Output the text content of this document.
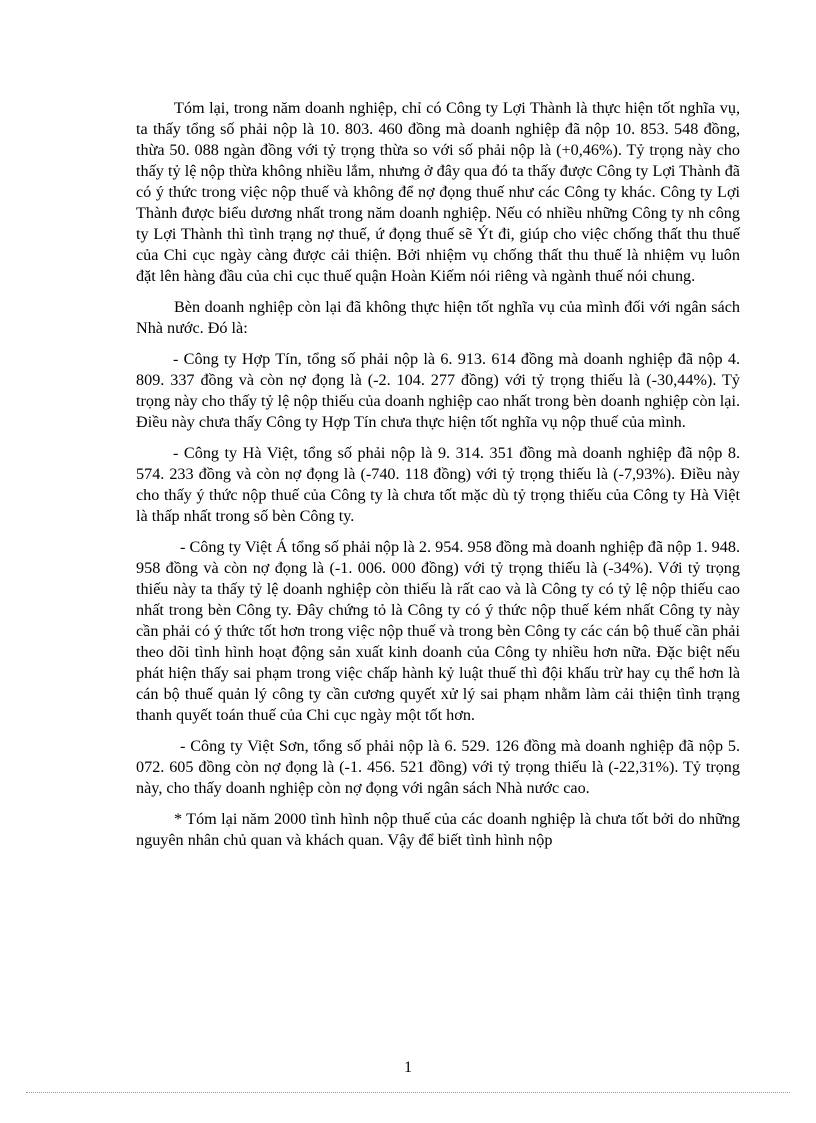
Tóm lại, trong năm doanh nghiệp, chỉ có Công ty Lợi Thành là thực hiện tốt nghĩa vụ, ta thấy tổng số phải nộp là 10. 803. 460 đồng mà doanh nghiệp đã nộp 10. 853. 548 đồng, thừa 50. 088 ngàn đồng với tỷ trọng thừa so với số phải nộp là (+0,46%). Tỷ trọng này cho thấy tỷ lệ nộp thừa không nhiều lắm, nhưng ở đây qua đó ta thấy được Công ty Lợi Thành đã có ý thức trong việc nộp thuế và không để nợ đọng thuế như các Công ty khác. Công ty Lợi Thành được biểu dương nhất trong năm doanh nghiệp. Nếu có nhiều những Công ty nh công ty Lợi Thành thì tình trạng nợ thuế, ứ đọng thuế sẽ Ýt đi, giúp cho việc chống thất thu thuế của Chi cục ngày càng được cải thiện. Bởi nhiệm vụ chống thất thu thuế là nhiệm vụ luôn đặt lên hàng đầu của chi cục thuế quận Hoàn Kiếm nói riêng và ngành thuế nói chung.

Bèn doanh nghiệp còn lại đã không thực hiện tốt nghĩa vụ của mình đối với ngân sách Nhà nước. Đó là:

- Công ty Hợp Tín, tổng số phải nộp là 6. 913. 614 đồng mà doanh nghiệp đã nộp 4. 809. 337 đồng và còn nợ đọng là (-2. 104. 277 đồng) với tỷ trọng thiếu là (-30,44%). Tỷ trọng này cho thấy tỷ lệ nộp thiếu của doanh nghiệp cao nhất trong bèn doanh nghiệp còn lại. Điều này chưa thấy Công ty Hợp Tín chưa thực hiện tốt nghĩa vụ nộp thuế của mình.

- Công ty Hà Việt, tổng số phải nộp là 9. 314. 351 đồng mà doanh nghiệp đã nộp 8. 574. 233 đồng và còn nợ đọng là (-740. 118 đồng) với tỷ trọng thiếu là (-7,93%). Điều này cho thấy ý thức nộp thuế của Công ty là chưa tốt mặc dù tỷ trọng thiếu của Công ty Hà Việt là thấp nhất trong số bèn Công ty.

- Công ty Việt Á tổng số phải nộp là 2. 954. 958 đồng mà doanh nghiệp đã nộp 1. 948. 958 đồng và còn nợ đọng là (-1. 006. 000 đồng) với tỷ trọng thiếu là (-34%). Với tỷ trọng thiếu này ta thấy tỷ lệ doanh nghiệp còn thiếu là rất cao và là Công ty có tỷ lệ nộp thiếu cao nhất trong bèn Công ty. Đây chứng tỏ là Công ty có ý thức nộp thuế kém nhất Công ty này cần phải có ý thức tốt hơn trong việc nộp thuế và trong bèn Công ty các cán bộ thuế cần phải theo dõi tình hình hoạt động sản xuất kinh doanh của Công ty nhiều hơn nữa. Đặc biệt nếu phát hiện thấy sai phạm trong việc chấp hành kỷ luật thuế thì đội khấu trừ hay cụ thể hơn là cán bộ thuế quản lý công ty cần cương quyết xử lý sai phạm nhằm làm cải thiện tình trạng thanh quyết toán thuế của Chi cục ngày một tốt hơn.

- Công ty Việt Sơn, tổng số phải nộp là 6. 529. 126 đồng mà doanh nghiệp đã nộp 5. 072. 605 đồng còn nợ đọng là (-1. 456. 521 đồng) với tỷ trọng thiếu là (-22,31%). Tỷ trọng này, cho thấy doanh nghiệp còn nợ đọng với ngân sách Nhà nước cao.

* Tóm lại năm 2000 tình hình nộp thuế của các doanh nghiệp là chưa tốt bởi do những nguyên nhân chủ quan và khách quan. Vậy để biết tình hình nộp

1
